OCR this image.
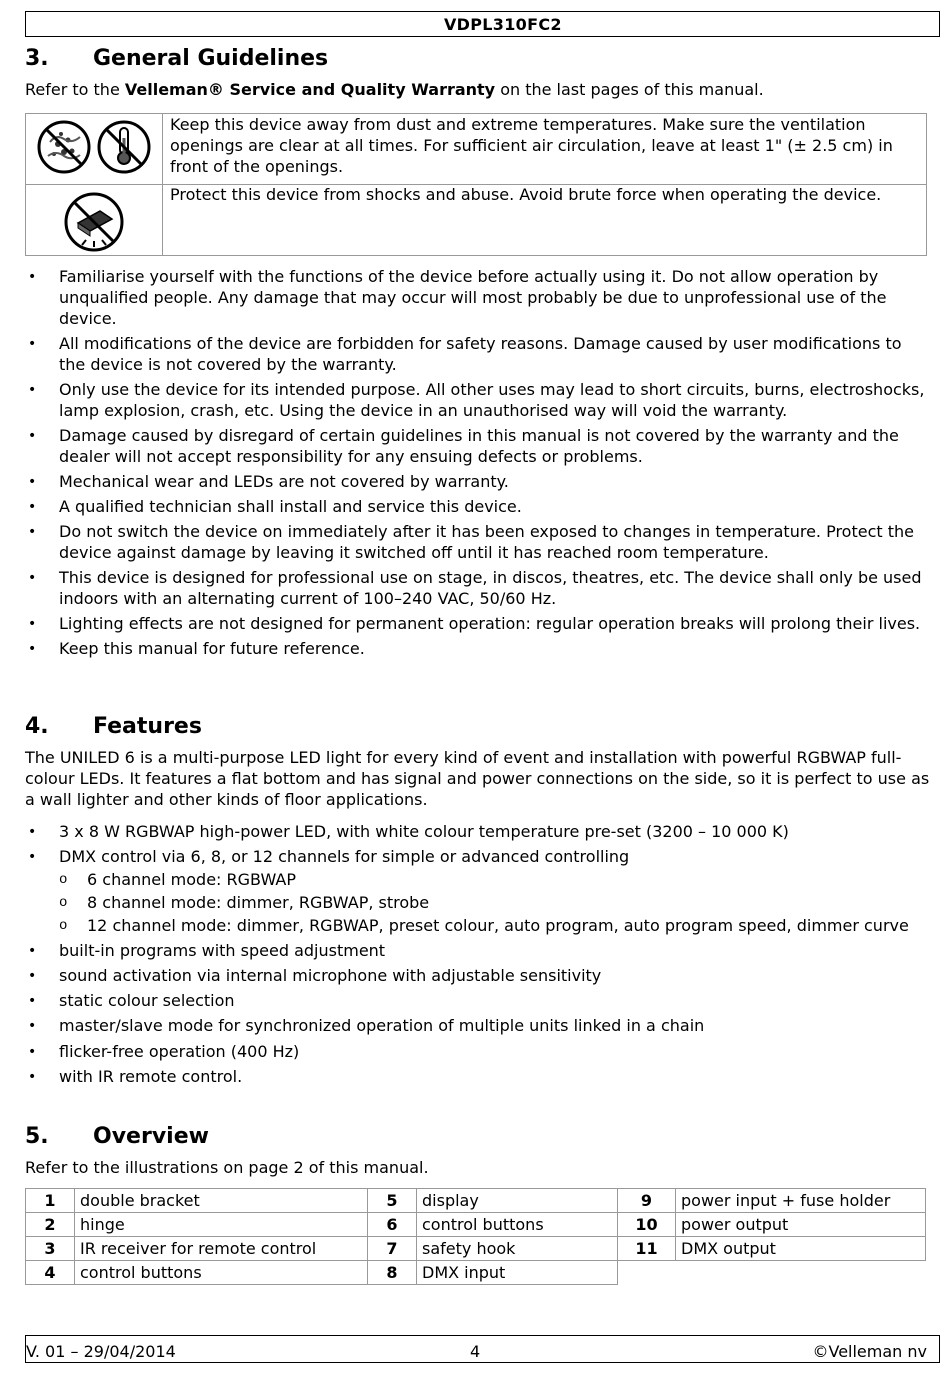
VDPL310FC2
3. General Guidelines
Refer to the Velleman® Service and Quality Warranty on the last pages of this manual.
Keep this device away from dust and extreme temperatures. Make sure the ventilation openings are clear at all times. For sufficient air circulation, leave at least 1" (± 2.5 cm) in front of the openings.
Protect this device from shocks and abuse. Avoid brute force when operating the device.
• Familiarise yourself with the functions of the device before actually using it. Do not allow operation by unqualified people. Any damage that may occur will most probably be due to unprofessional use of the device.
• All modifications of the device are forbidden for safety reasons. Damage caused by user modifications to the device is not covered by the warranty.
• Only use the device for its intended purpose. All other uses may lead to short circuits, burns, electroshocks, lamp explosion, crash, etc. Using the device in an unauthorised way will void the warranty.
• Damage caused by disregard of certain guidelines in this manual is not covered by the warranty and the dealer will not accept responsibility for any ensuing defects or problems.
• Mechanical wear and LEDs are not covered by warranty.
• A qualified technician shall install and service this device.
• Do not switch the device on immediately after it has been exposed to changes in temperature. Protect the device against damage by leaving it switched off until it has reached room temperature.
• This device is designed for professional use on stage, in discos, theatres, etc. The device shall only be used indoors with an alternating current of 100–240 VAC, 50/60 Hz.
• Lighting effects are not designed for permanent operation: regular operation breaks will prolong their lives.
• Keep this manual for future reference.
4. Features
The UNILED 6 is a multi-purpose LED light for every kind of event and installation with powerful RGBWAP full-colour LEDs. It features a flat bottom and has signal and power connections on the side, so it is perfect to use as a wall lighter and other kinds of floor applications.
• 3 x 8 W RGBWAP high-power LED, with white colour temperature pre-set (3200 – 10 000 K)
• DMX control via 6, 8, or 12 channels for simple or advanced controlling
o 6 channel mode: RGBWAP
o 8 channel mode: dimmer, RGBWAP, strobe
o 12 channel mode: dimmer, RGBWAP, preset colour, auto program, auto program speed, dimmer curve
• built-in programs with speed adjustment
• sound activation via internal microphone with adjustable sensitivity
• static colour selection
• master/slave mode for synchronized operation of multiple units linked in a chain
• flicker-free operation (400 Hz)
• with IR remote control.
5. Overview
Refer to the illustrations on page 2 of this manual.
1	double bracket	5	display	9	power input + fuse holder
2	hinge	6	control buttons	10	power output
3	IR receiver for remote control	7	safety hook	11	DMX output
4	control buttons	8	DMX input		
V. 01 – 29/04/2014	4	©Velleman nv
